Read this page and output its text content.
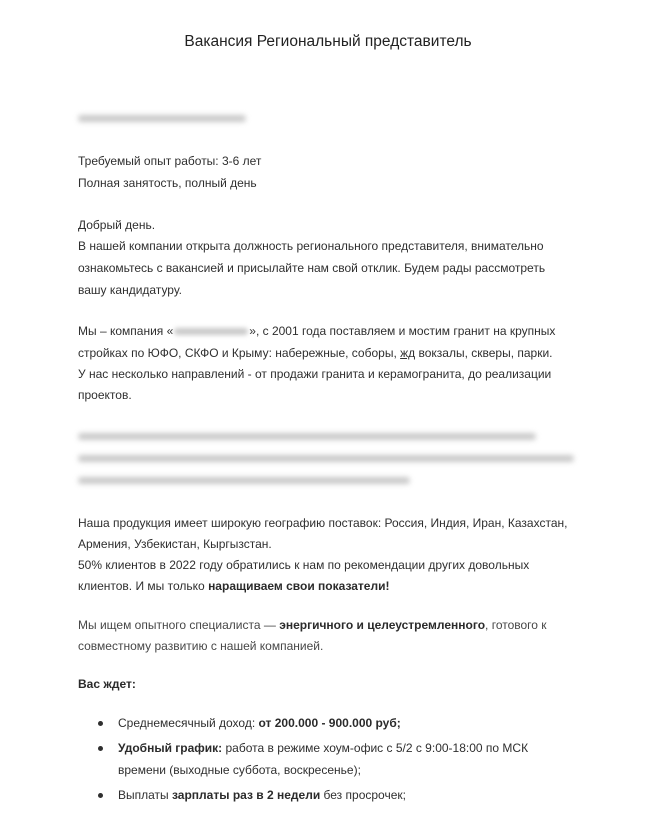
Вакансия Региональный представитель
Требуемый опыт работы: 3-6 лет
Полная занятость, полный день
Добрый день.
В нашей компании открыта должность регионального представителя, внимательно
ознакомьтесь с вакансией и присылайте нам свой отклик. Будем рады рассмотреть
вашу кандидатуру.
Мы – компания «	», с 2001 года поставляем и мостим гранит на крупных
стройках по ЮФО, СКФО и Крыму: набережные, соборы, жд вокзалы, скверы, парки.
У нас несколько направлений - от продажи гранита и керамогранита, до реализации
проектов.
Наша продукция имеет широкую географию поставок: Россия, Индия, Иран, Казахстан,
Армения, Узбекистан, Кыргызстан.
50% клиентов в 2022 году обратились к нам по рекомендации других довольных
клиентов. И мы только наращиваем свои показатели!
Мы ищем опытного специалиста — энергичного и целеустремленного, готового к
совместному развитию с нашей компанией.
Вас ждет:
Среднемесячный доход: от 200.000 - 900.000 руб;
Удобный график: работа в режиме хоум-офис с 5/2 с 9:00-18:00 по МСК
времени (выходные суббота, воскресенье);
Выплаты зарплаты раз в 2 недели без просрочек;
